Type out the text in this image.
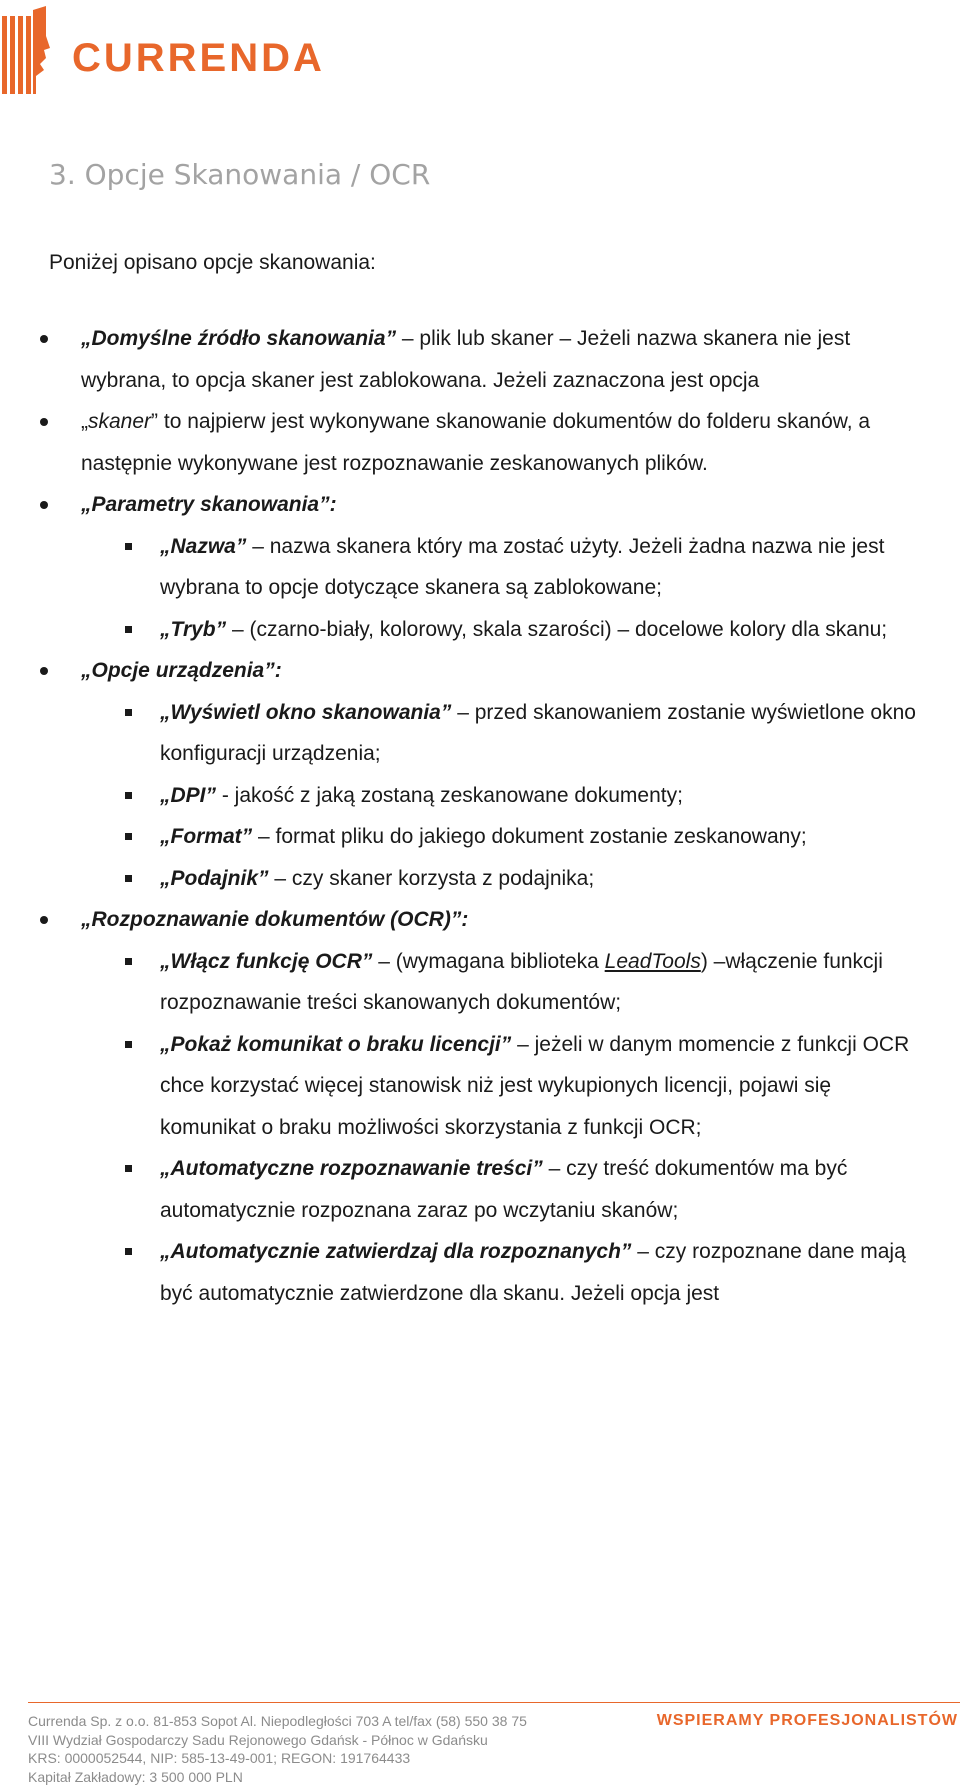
CURRENDA
3. Opcje Skanowania / OCR
Poniżej opisano opcje skanowania:
„Domyślne źródło skanowania” – plik lub skaner – Jeżeli nazwa skanera nie jest wybrana, to opcja skaner jest zablokowana. Jeżeli zaznaczona jest opcja
„skaner” to najpierw jest wykonywane skanowanie dokumentów do folderu skanów, a następnie wykonywane jest rozpoznawanie zeskanowanych plików.
„Parametry skanowania”:
„Nazwa” – nazwa skanera który ma zostać użyty. Jeżeli żadna nazwa nie jest wybrana to opcje dotyczące skanera są zablokowane;
„Tryb” – (czarno-biały, kolorowy, skala szarości) – docelowe kolory dla skanu;
„Opcje urządzenia”:
„Wyświetl okno skanowania” – przed skanowaniem zostanie wyświetlone okno konfiguracji urządzenia;
„DPI” - jakość z jaką zostaną zeskanowane dokumenty;
„Format” – format pliku do jakiego dokument zostanie zeskanowany;
„Podajnik” – czy skaner korzysta z podajnika;
„Rozpoznawanie dokumentów (OCR)”:
„Włącz funkcję OCR” – (wymagana biblioteka LeadTools) –włączenie funkcji rozpoznawanie treści skanowanych dokumentów;
„Pokaż komunikat o braku licencji” – jeżeli w danym momencie z funkcji OCR chce korzystać więcej stanowisk niż jest wykupionych licencji, pojawi się komunikat o braku możliwości skorzystania z funkcji OCR;
„Automatyczne rozpoznawanie treści” – czy treść dokumentów ma być automatycznie rozpoznana zaraz po wczytaniu skanów;
„Automatycznie zatwierdzaj dla rozpoznanych” – czy rozpoznane dane mają być automatycznie zatwierdzone dla skanu. Jeżeli opcja jest
Currenda Sp. z o.o. 81-853 Sopot Al. Niepodległości 703 A tel/fax (58) 550 38 75
VIII Wydział Gospodarczy Sadu Rejonowego Gdańsk - Północ w Gdańsku
KRS: 0000052544, NIP: 585-13-49-001; REGON: 191764433
Kapitał Zakładowy: 3 500 000 PLN
WSPIERAMY PROFESJONALISTÓW
